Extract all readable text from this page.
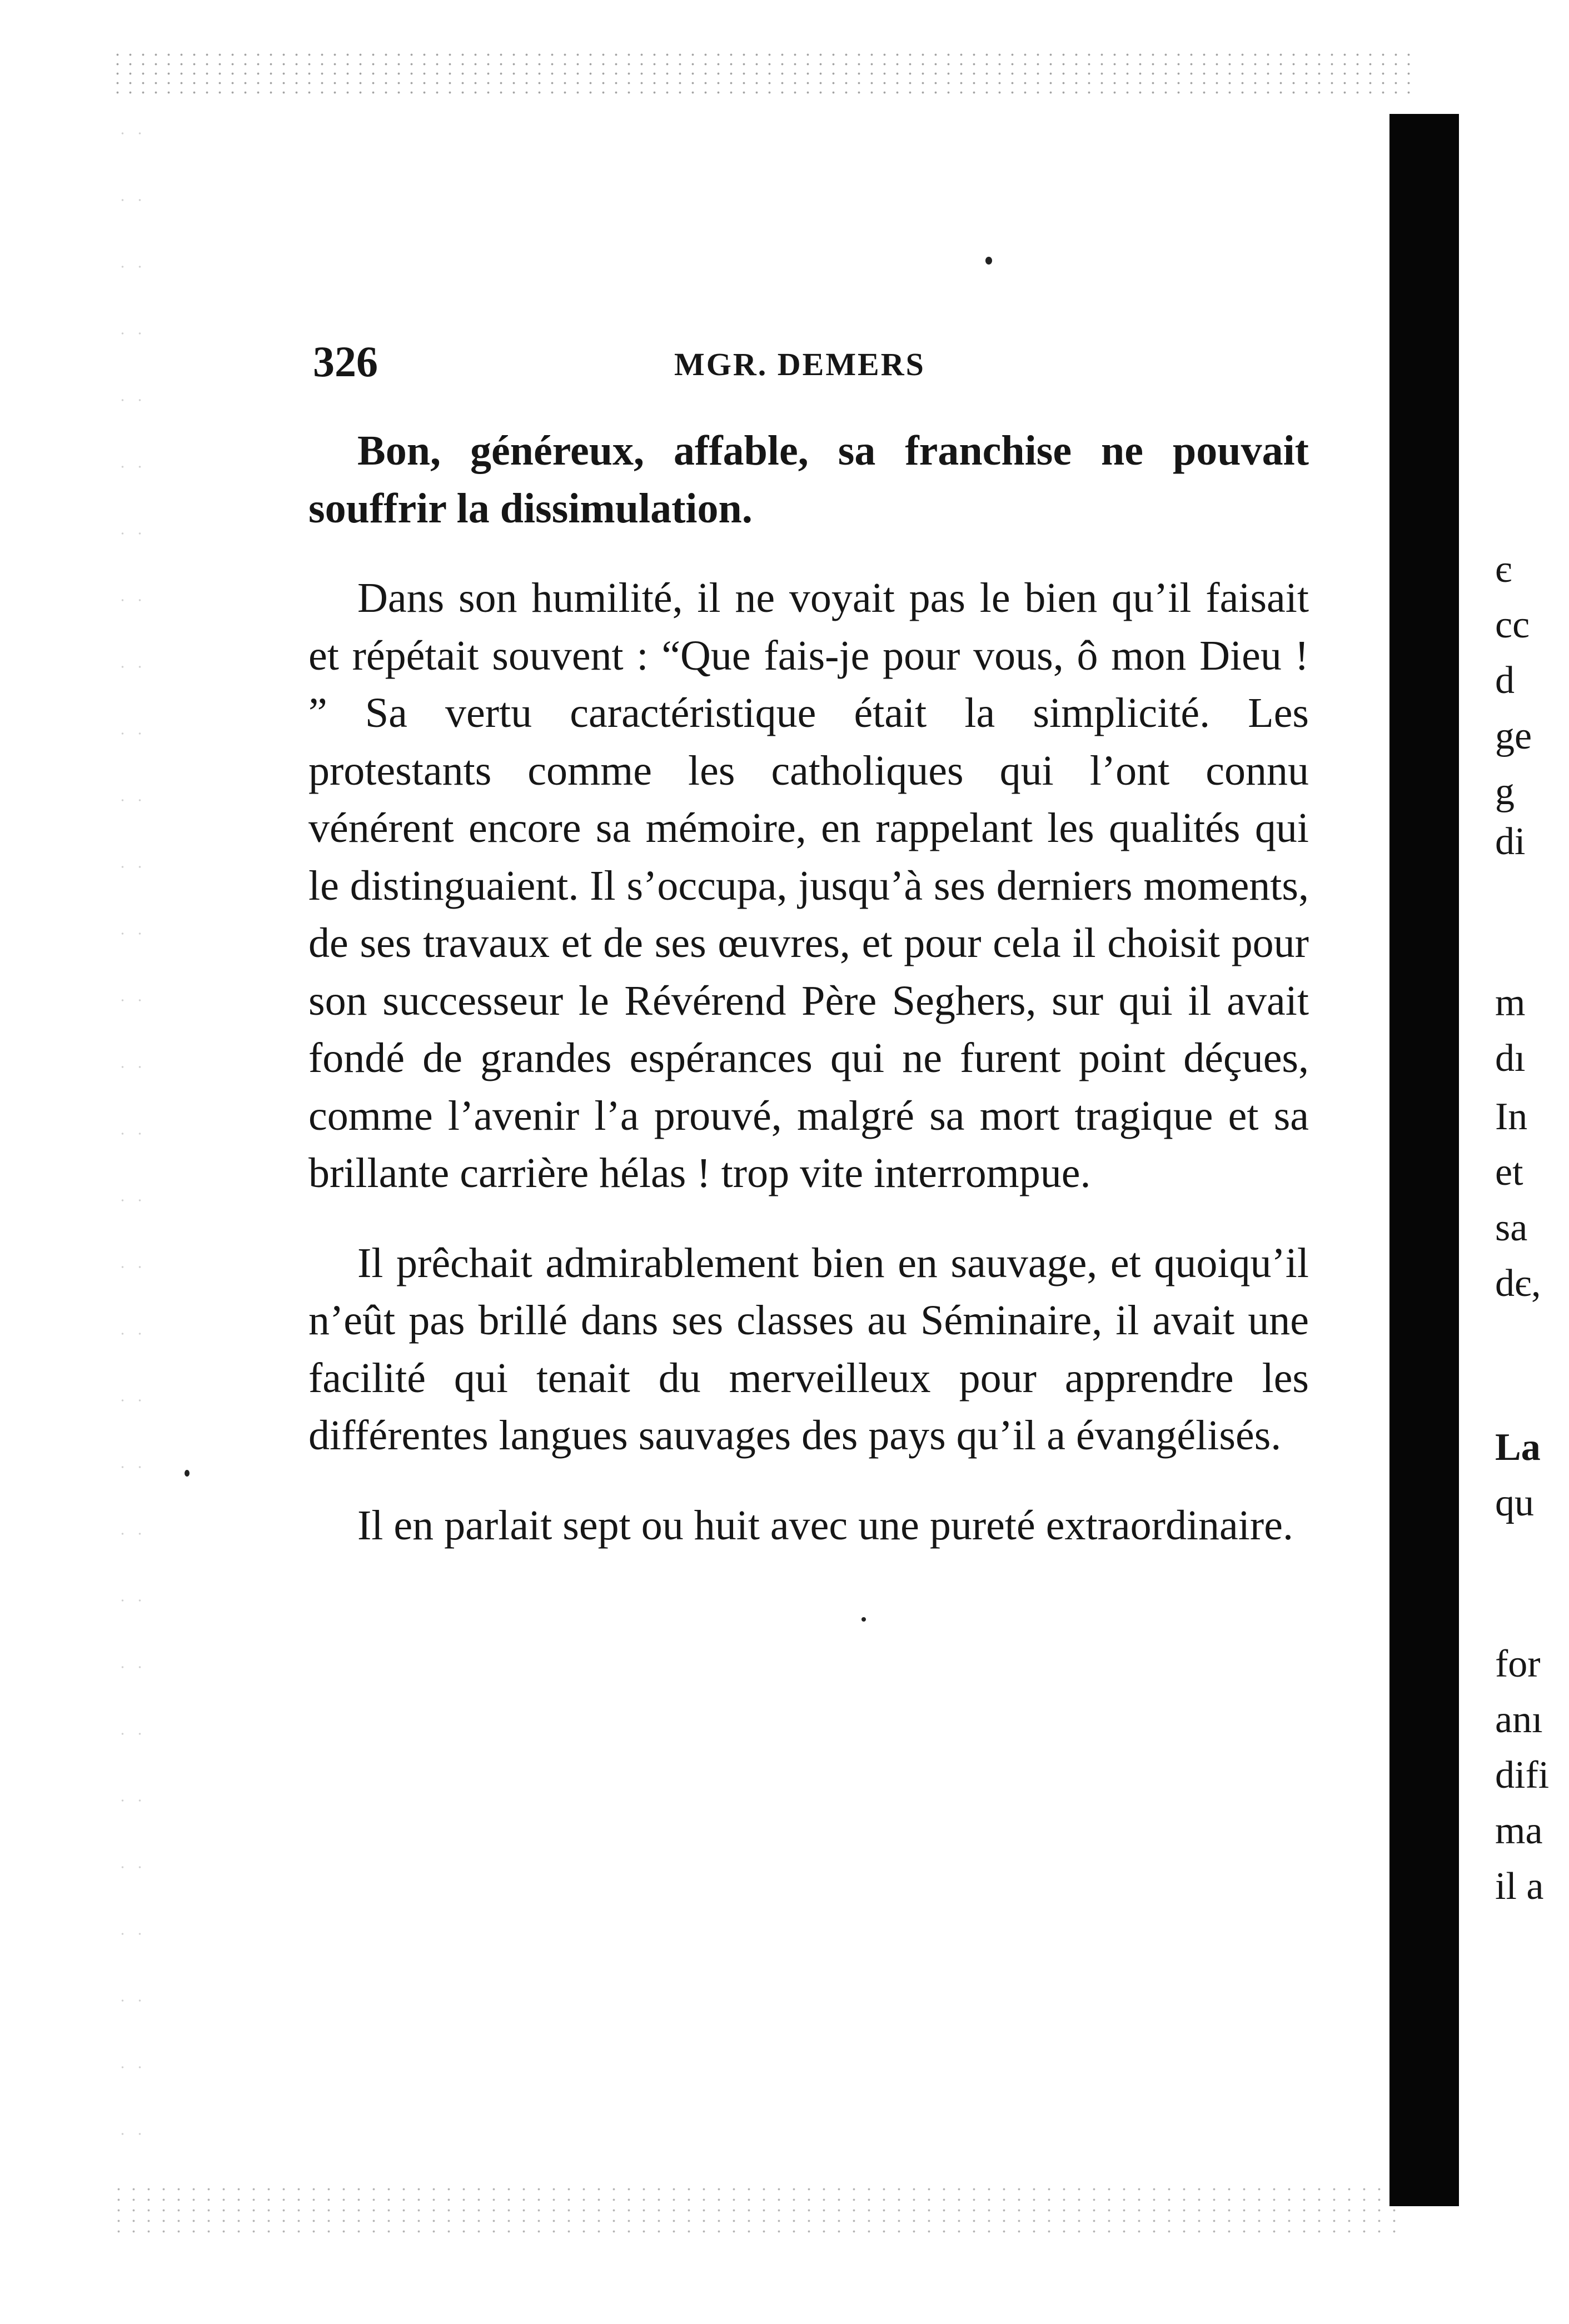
326	MGR. DEMERS

Bon, généreux, affable, sa franchise ne pouvait souffrir la dissimulation.

Dans son humilité, il ne voyait pas le bien qu’il faisait et répétait souvent : “Que fais-je pour vous, ô mon Dieu ! ” Sa vertu caractéristique était la simplicité. Les protestants comme les catholiques qui l’ont connu vénérent encore sa mémoire, en rappelant les qualités qui le distinguaient. Il s’occupa, jusqu’à ses derniers moments, de ses travaux et de ses œuvres, et pour cela il choisit pour son successeur le Révérend Père Seghers, sur qui il avait fondé de grandes espérances qui ne furent point déçues, comme l’avenir l’a prouvé, malgré sa mort tragique et sa brillante carrière hélas ! trop vite interrompue.

Il prêchait admirablement bien en sauvage, et quoiqu’il n’eût pas brillé dans ses classes au Séminaire, il avait une facilité qui tenait du merveilleux pour apprendre les différentes langues sauvages des pays qu’il a évangélisés.

Il en parlait sept ou huit avec une pureté extraordinaire.

є
cc
d
ge
g
di
m
dı
In
et
sa
dє,
La
qu
for
anı
difi
ma
il a
